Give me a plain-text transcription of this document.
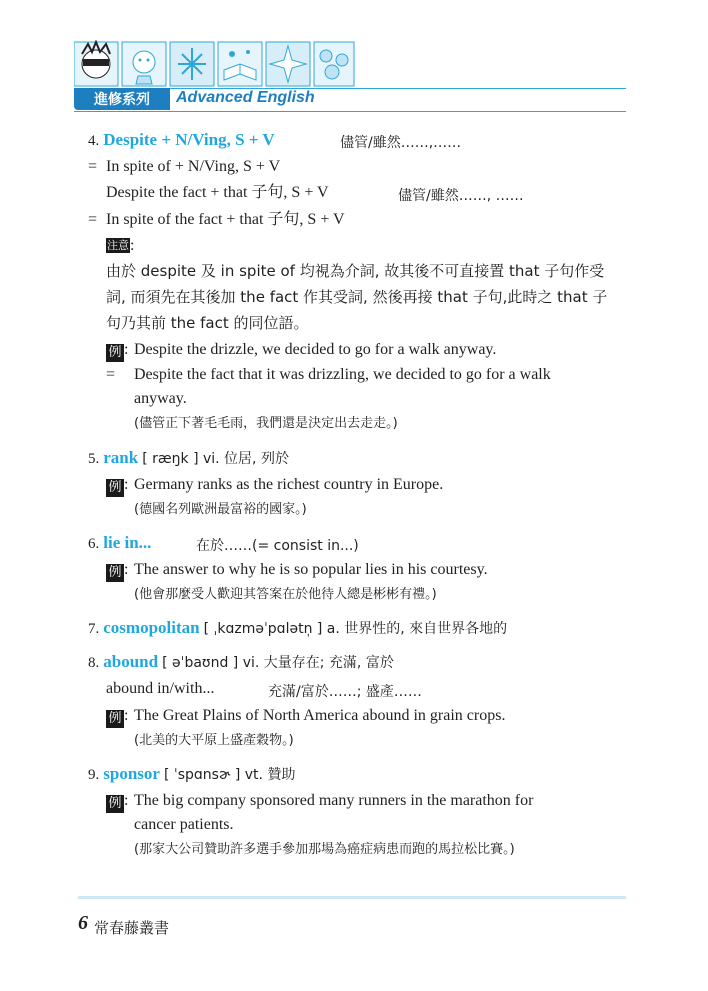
進修系列	Advanced English
4. Despite + N/Ving, S + V	儘管/雖然……,……
= In spite of + N/Ving, S + V
Despite the fact + that 子句, S + V	儘管/雖然……, ……
= In spite of the fact + that 子句, S + V
注意:
由於 despite 及 in spite of 均視為介詞, 故其後不可直接置 that 子句作受
詞, 而須先在其後加 the fact 作其受詞, 然後再接 that 子句,此時之 that 子
句乃其前 the fact 的同位語。
例 : Despite the drizzle, we decided to go for a walk anyway.
= Despite the fact that it was drizzling, we decided to go for a walk
anyway.
(儘管正下著毛毛雨，我們還是決定出去走走。)
5. rank [ ræŋk ] vi. 位居, 列於
例 : Germany ranks as the richest country in Europe.
(德國名列歐洲最富裕的國家。)
6. lie in...	在於……(= consist in...)
例 : The answer to why he is so popular lies in his courtesy.
(他會那麼受人歡迎其答案在於他待人總是彬彬有禮。)
7. cosmopolitan [ ˌkɑzməˈpɑlətn̩ ] a. 世界性的, 來自世界各地的
8. abound [ əˈbaʊnd ] vi. 大量存在; 充滿, 富於
abound in/with...	充滿/富於……; 盛產……
例 : The Great Plains of North America abound in grain crops.
(北美的大平原上盛產穀物。)
9. sponsor [ ˈspɑnsɚ ] vt. 贊助
例 : The big company sponsored many runners in the marathon for
cancer patients.
(那家大公司贊助許多選手參加那場為癌症病患而跑的馬拉松比賽。)
6 常春藤叢書
